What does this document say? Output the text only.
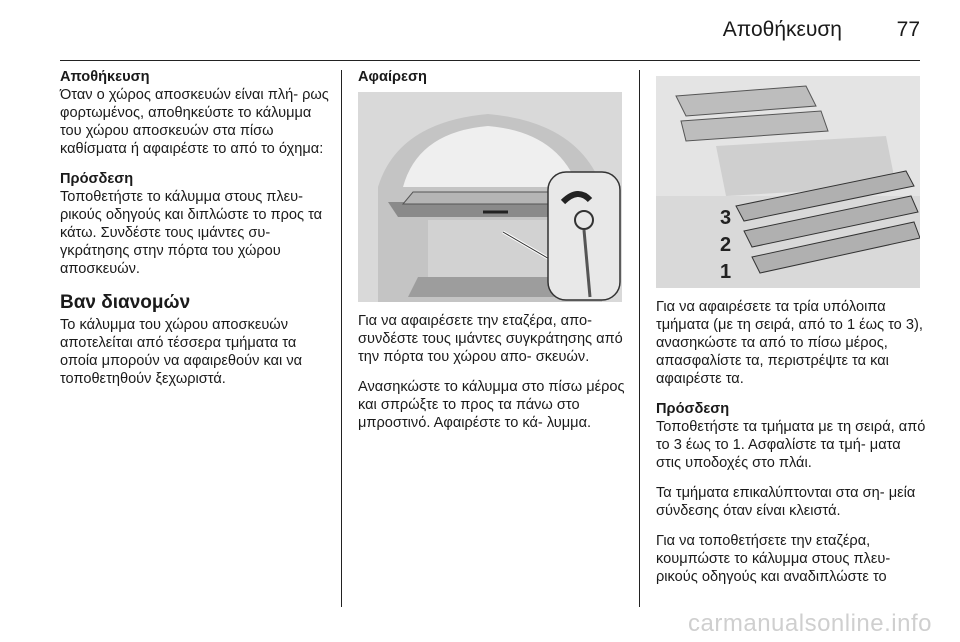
Αποθήκευση	77
Αποθήκευση

Όταν ο χώρος αποσκευών είναι πλή- ρως φορτωμένος, αποθηκεύστε το κάλυμμα του χώρου αποσκευών στα πίσω καθίσματα ή αφαιρέστε το από το όχημα:

Πρόσδεση

Τοποθετήστε το κάλυμμα στους πλευ- ρικούς οδηγούς και διπλώστε το προς τα κάτω. Συνδέστε τους ιμάντες συ- γκράτησης στην πόρτα του χώρου αποσκευών.

Βαν διανομών

Το κάλυμμα του χώρου αποσκευών αποτελείται από τέσσερα τμήματα τα οποία μπορούν να αφαιρεθούν και να τοποθετηθούν ξεχωριστά.

Αφαίρεση

Για να αφαιρέσετε την εταζέρα, απο- συνδέστε τους ιμάντες συγκράτησης από την πόρτα του χώρου απο- σκευών.

Ανασηκώστε το κάλυμμα στο πίσω μέρος και σπρώξτε το προς τα πάνω στο μπροστινό. Αφαιρέστε το κά- λυμμα.

3
2
1

Για να αφαιρέσετε τα τρία υπόλοιπα τμήματα (με τη σειρά, από το 1 έως το 3), ανασηκώστε τα από το πίσω μέρος, απασφαλίστε τα, περιστρέψτε τα και αφαιρέστε τα.

Πρόσδεση

Τοποθετήστε τα τμήματα με τη σειρά, από το 3 έως το 1. Ασφαλίστε τα τμή- ματα στις υποδοχές στο πλάι.

Τα τμήματα επικαλύπτονται στα ση- μεία σύνδεσης όταν είναι κλειστά.

Για να τοποθετήσετε την εταζέρα, κουμπώστε το κάλυμμα στους πλευ- ρικούς οδηγούς και αναδιπλώστε το

carmanualsonline.info
